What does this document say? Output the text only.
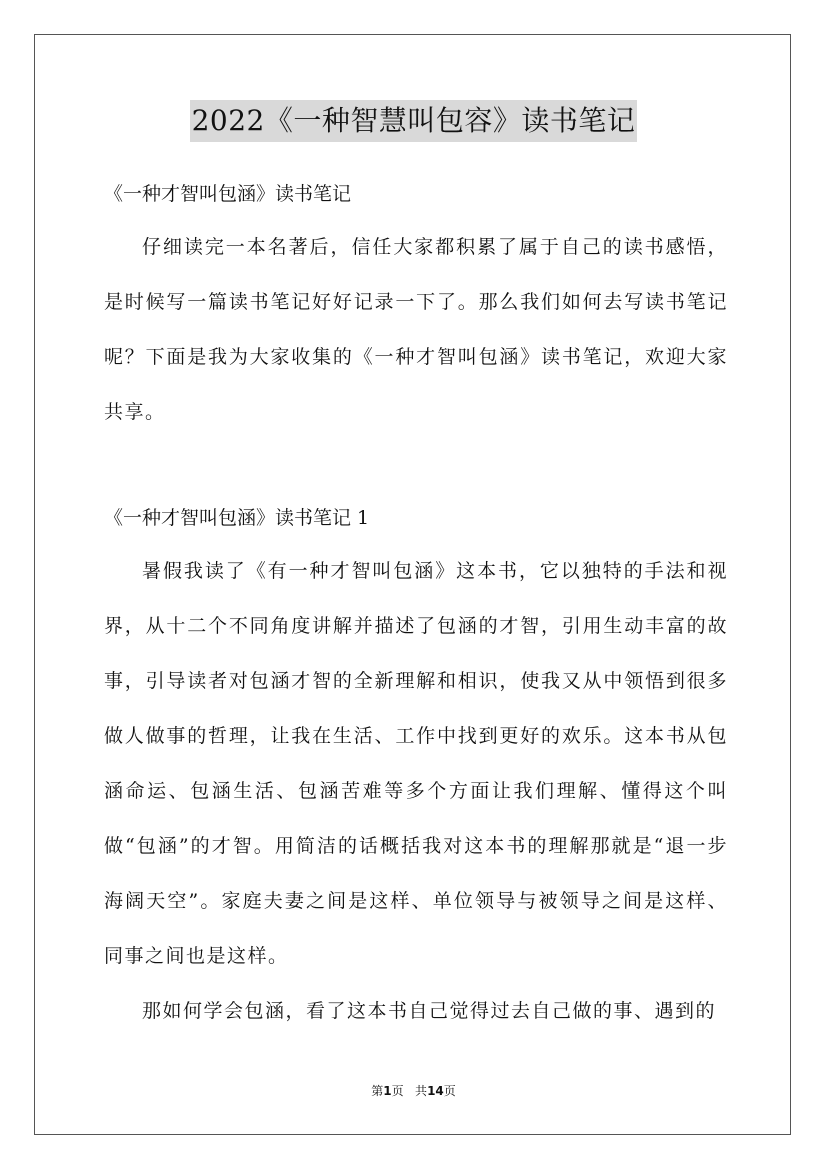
2022《一种智慧叫包容》读书笔记

《一种才智叫包涵》读书笔记

仔细读完一本名著后，信任大家都积累了属于自己的读书感悟，是时候写一篇读书笔记好好记录一下了。那么我们如何去写读书笔记呢？下面是我为大家收集的《一种才智叫包涵》读书笔记，欢迎大家共享。

《一种才智叫包涵》读书笔记 1

暑假我读了《有一种才智叫包涵》这本书，它以独特的手法和视界，从十二个不同角度讲解并描述了包涵的才智，引用生动丰富的故事，引导读者对包涵才智的全新理解和相识，使我又从中领悟到很多做人做事的哲理，让我在生活、工作中找到更好的欢乐。这本书从包涵命运、包涵生活、包涵苦难等多个方面让我们理解、懂得这个叫做“包涵”的才智。用简洁的话概括我对这本书的理解那就是“退一步海阔天空”。家庭夫妻之间是这样、单位领导与被领导之间是这样、同事之间也是这样。

那如何学会包涵，看了这本书自己觉得过去自己做的事、遇到的

第1页 共14页
